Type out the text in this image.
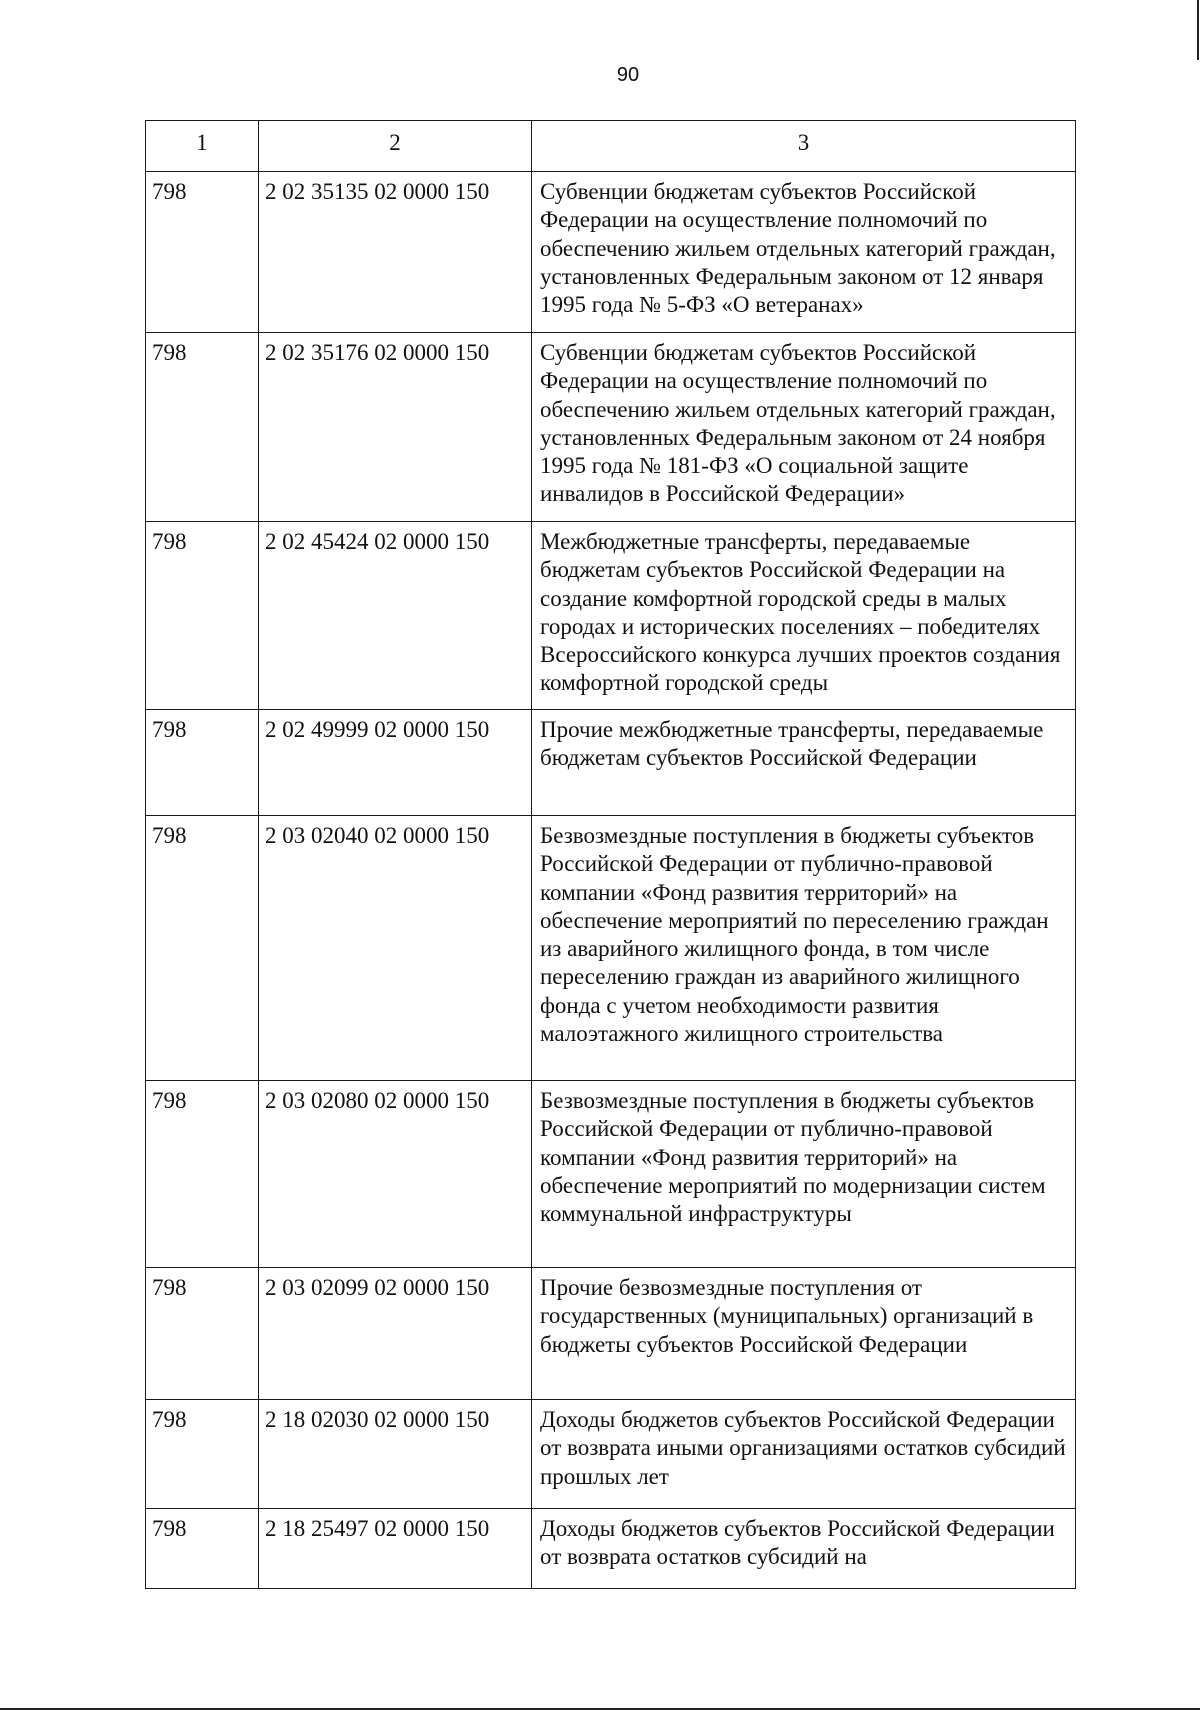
90
1	2	3
798	2 02 35135 02 0000 150	Субвенции бюджетам субъектов Российской Федерации на осуществление полномочий по обеспечению жильем отдельных категорий граждан, установленных Федеральным законом от 12 января 1995 года № 5-ФЗ «О ветеранах»
798	2 02 35176 02 0000 150	Субвенции бюджетам субъектов Российской Федерации на осуществление полномочий по обеспечению жильем отдельных категорий граждан, установленных Федеральным законом от 24 ноября 1995 года № 181-ФЗ «О социальной защите инвалидов в Российской Федерации»
798	2 02 45424 02 0000 150	Межбюджетные трансферты, передаваемые бюджетам субъектов Российской Федерации на создание комфортной городской среды в малых городах и исторических поселениях – победителях Всероссийского конкурса лучших проектов создания комфортной городской среды
798	2 02 49999 02 0000 150	Прочие межбюджетные трансферты, передаваемые бюджетам субъектов Российской Федерации
798	2 03 02040 02 0000 150	Безвозмездные поступления в бюджеты субъектов Российской Федерации от публично-правовой компании «Фонд развития территорий» на обеспечение мероприятий по переселению граждан из аварийного жилищного фонда, в том числе переселению граждан из аварийного жилищного фонда с учетом необходимости развития малоэтажного жилищного строительства
798	2 03 02080 02 0000 150	Безвозмездные поступления в бюджеты субъектов Российской Федерации от публично-правовой компании «Фонд развития территорий» на обеспечение мероприятий по модернизации систем коммунальной инфраструктуры
798	2 03 02099 02 0000 150	Прочие безвозмездные поступления от государственных (муниципальных) организаций в бюджеты субъектов Российской Федерации
798	2 18 02030 02 0000 150	Доходы бюджетов субъектов Российской Федерации от возврата иными организациями остатков субсидий прошлых лет
798	2 18 25497 02 0000 150	Доходы бюджетов субъектов Российской Федерации от возврата остатков субсидий на
